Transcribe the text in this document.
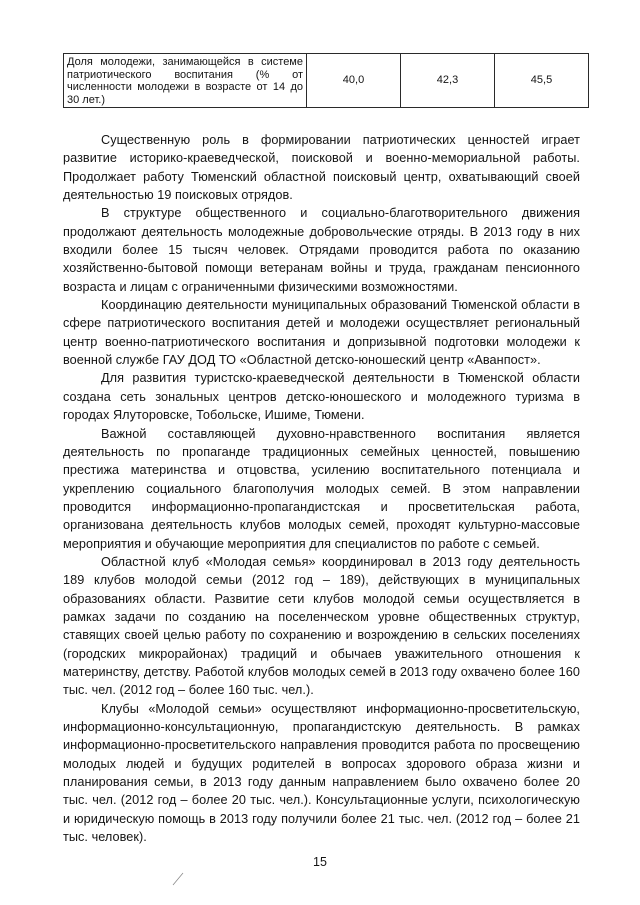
Доля молодежи, занимающейся в системе патриотического воспитания (% от численности молодежи в возрасте от 14 до 30 лет.)	40,0	42,3	45,5

Существенную роль в формировании патриотических ценностей играет развитие историко-краеведческой, поисковой и военно-мемориальной работы. Продолжает работу Тюменский областной поисковый центр, охватывающий своей деятельностью 19 поисковых отрядов.

В структуре общественного и социально-благотворительного движения продолжают деятельность молодежные добровольческие отряды. В 2013 году в них входили более 15 тысяч человек. Отрядами проводится работа по оказанию хозяйственно-бытовой помощи ветеранам войны и труда, гражданам пенсионного возраста и лицам с ограниченными физическими возможностями.

Координацию деятельности муниципальных образований Тюменской области в сфере патриотического воспитания детей и молодежи осуществляет региональный центр военно-патриотического воспитания и допризывной подготовки молодежи к военной службе ГАУ ДОД ТО «Областной детско-юношеский центр «Аванпост».

Для развития туристско-краеведческой деятельности в Тюменской области создана сеть зональных центров детско-юношеского и молодежного туризма в городах Ялуторовске, Тобольске, Ишиме, Тюмени.

Важной составляющей духовно-нравственного воспитания является деятельность по пропаганде традиционных семейных ценностей, повышению престижа материнства и отцовства, усилению воспитательного потенциала и укреплению социального благополучия молодых семей. В этом направлении проводится информационно-пропагандистская и просветительская работа, организована деятельность клубов молодых семей, проходят культурно-массовые мероприятия и обучающие мероприятия для специалистов по работе с семьей.

Областной клуб «Молодая семья» координировал в 2013 году деятельность 189 клубов молодой семьи (2012 год – 189), действующих в муниципальных образованиях области. Развитие сети клубов молодой семьи осуществляется в рамках задачи по созданию на поселенческом уровне общественных структур, ставящих своей целью работу по сохранению и возрождению в сельских поселениях (городских микрорайонах) традиций и обычаев уважительного отношения к материнству, детству. Работой клубов молодых семей в 2013 году охвачено более 160 тыс. чел. (2012 год – более 160 тыс. чел.).

Клубы «Молодой семьи» осуществляют информационно-просветительскую, информационно-консультационную, пропагандистскую деятельность. В рамках информационно-просветительского направления проводится работа по просвещению молодых людей и будущих родителей в вопросах здорового образа жизни и планирования семьи, в 2013 году данным направлением было охвачено более 20 тыс. чел. (2012 год – более 20 тыс. чел.). Консультационные услуги, психологическую и юридическую помощь в 2013 году получили более 21 тыс. чел. (2012 год – более 21 тыс. человек).

15
